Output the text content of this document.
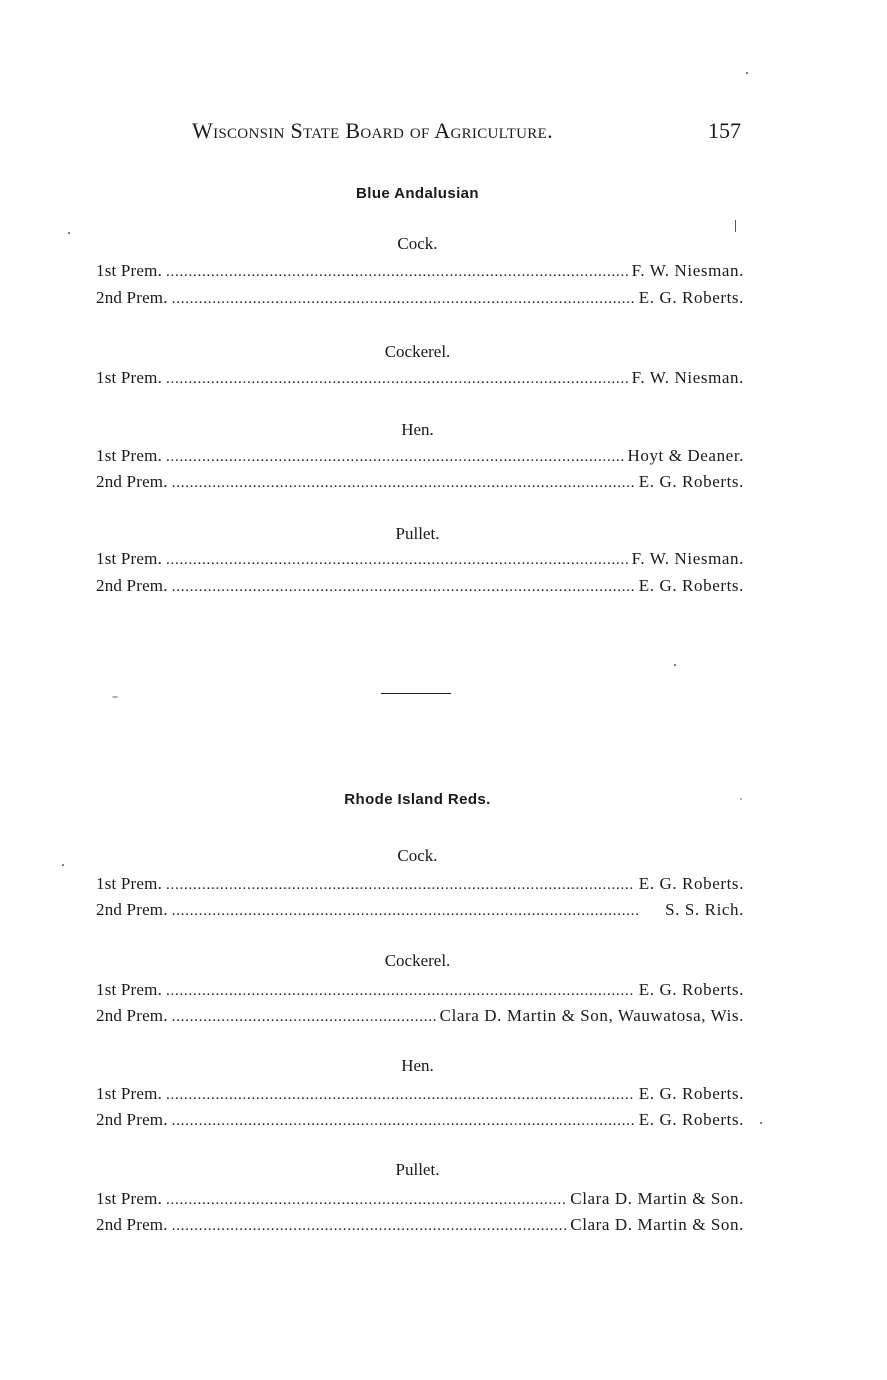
Wisconsin State Board of Agriculture.	157
Blue Andalusian
Cock.
1st Prem. . . .	F. W. Niesman.
2nd Prem. . . .	E. G. Roberts.
Cockerel.
1st Prem. . . .	F. W. Niesman.
Hen.
1st Prem. . . .	Hoyt & Deaner.
2nd Prem. . . .	E. G. Roberts.
Pullet.
1st Prem. . . .	F. W. Niesman.
2nd Prem. . . .	E. G. Roberts.
Rhode Island Reds.
Cock.
1st Prem. . . .	E. G. Roberts.
2nd Prem. . . .	S. S. Rich.
Cockerel.
1st Prem. . . .	E. G. Roberts.
2nd Prem. . . .	Clara D. Martin & Son, Wauwatosa, Wis.
Hen.
1st Prem. . . .	E. G. Roberts.
2nd Prem. . . .	E. G. Roberts.
Pullet.
1st Prem. . . .	Clara D. Martin & Son.
2nd Prem. . . .	Clara D. Martin & Son.
